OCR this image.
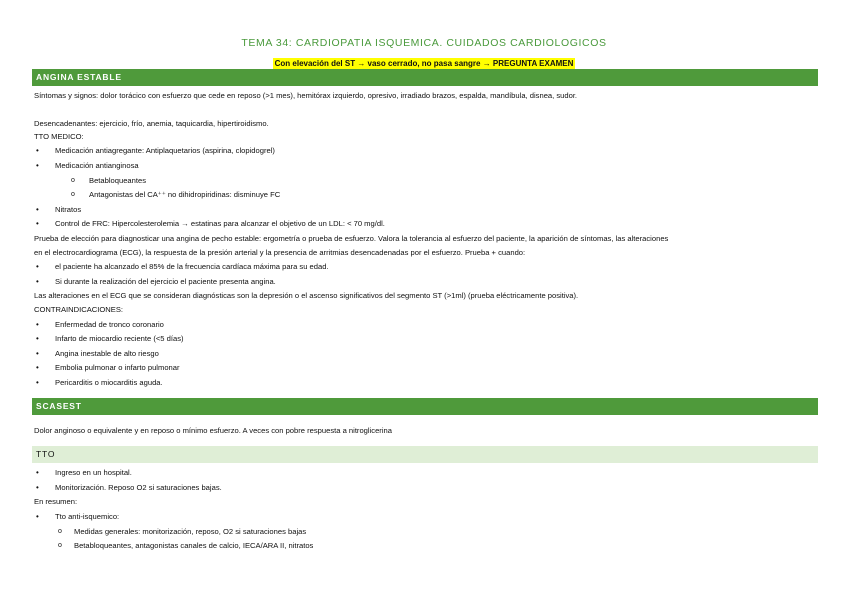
TEMA 34: CARDIOPATIA ISQUEMICA. CUIDADOS CARDIOLOGICOS
Con elevación del ST → vaso cerrado, no pasa sangre → PREGUNTA EXAMEN
ANGINA ESTABLE
Síntomas y signos: dolor torácico con esfuerzo que cede en reposo (>1 mes), hemitórax izquierdo, opresivo, irradiado brazos, espalda, mandíbula, disnea, sudor.
Desencadenantes: ejercicio, frío, anemia, taquicardia, hipertiroidismo.
TTO MEDICO:
• Medicación antiagregante: Antiplaquetarios (aspirina, clopidogrel)
• Medicación antianginosa
o Betabloqueantes
o Antagonistas del CA⁺⁺ no dihidropiridinas: disminuye FC
• Nitratos
• Control de FRC: Hipercolesterolemia → estatinas para alcanzar el objetivo de un LDL: < 70 mg/dl.
Prueba de elección para diagnosticar una angina de pecho estable: ergometría o prueba de esfuerzo. Valora la tolerancia al esfuerzo del paciente, la aparición de síntomas, las alteraciones
en el electrocardiograma (ECG), la respuesta de la presión arterial y la presencia de arritmias desencadenadas por el esfuerzo. Prueba + cuando:
• el paciente ha alcanzado el 85% de la frecuencia cardíaca máxima para su edad.
• Si durante la realización del ejercicio el paciente presenta angina.
Las alteraciones en el ECG que se consideran diagnósticas son la depresión o el ascenso significativos del segmento ST (>1ml) (prueba eléctricamente positiva).
CONTRAINDICACIONES:
• Enfermedad de tronco coronario
• Infarto de miocardio reciente (<5 días)
• Angina inestable de alto riesgo
• Embolia pulmonar o infarto pulmonar
• Pericarditis o miocarditis aguda.
SCASEST
Dolor anginoso o equivalente y en reposo o mínimo esfuerzo. A veces con pobre respuesta a nitroglicerina
TTO
• Ingreso en un hospital.
• Monitorización. Reposo O2 si saturaciones bajas.
En resumen:
• Tto anti-isquemico:
o Medidas generales: monitorización, reposo, O2 si saturaciones bajas
o Betabloqueantes, antagonistas canales de calcio, IECA/ARA II, nitratos
